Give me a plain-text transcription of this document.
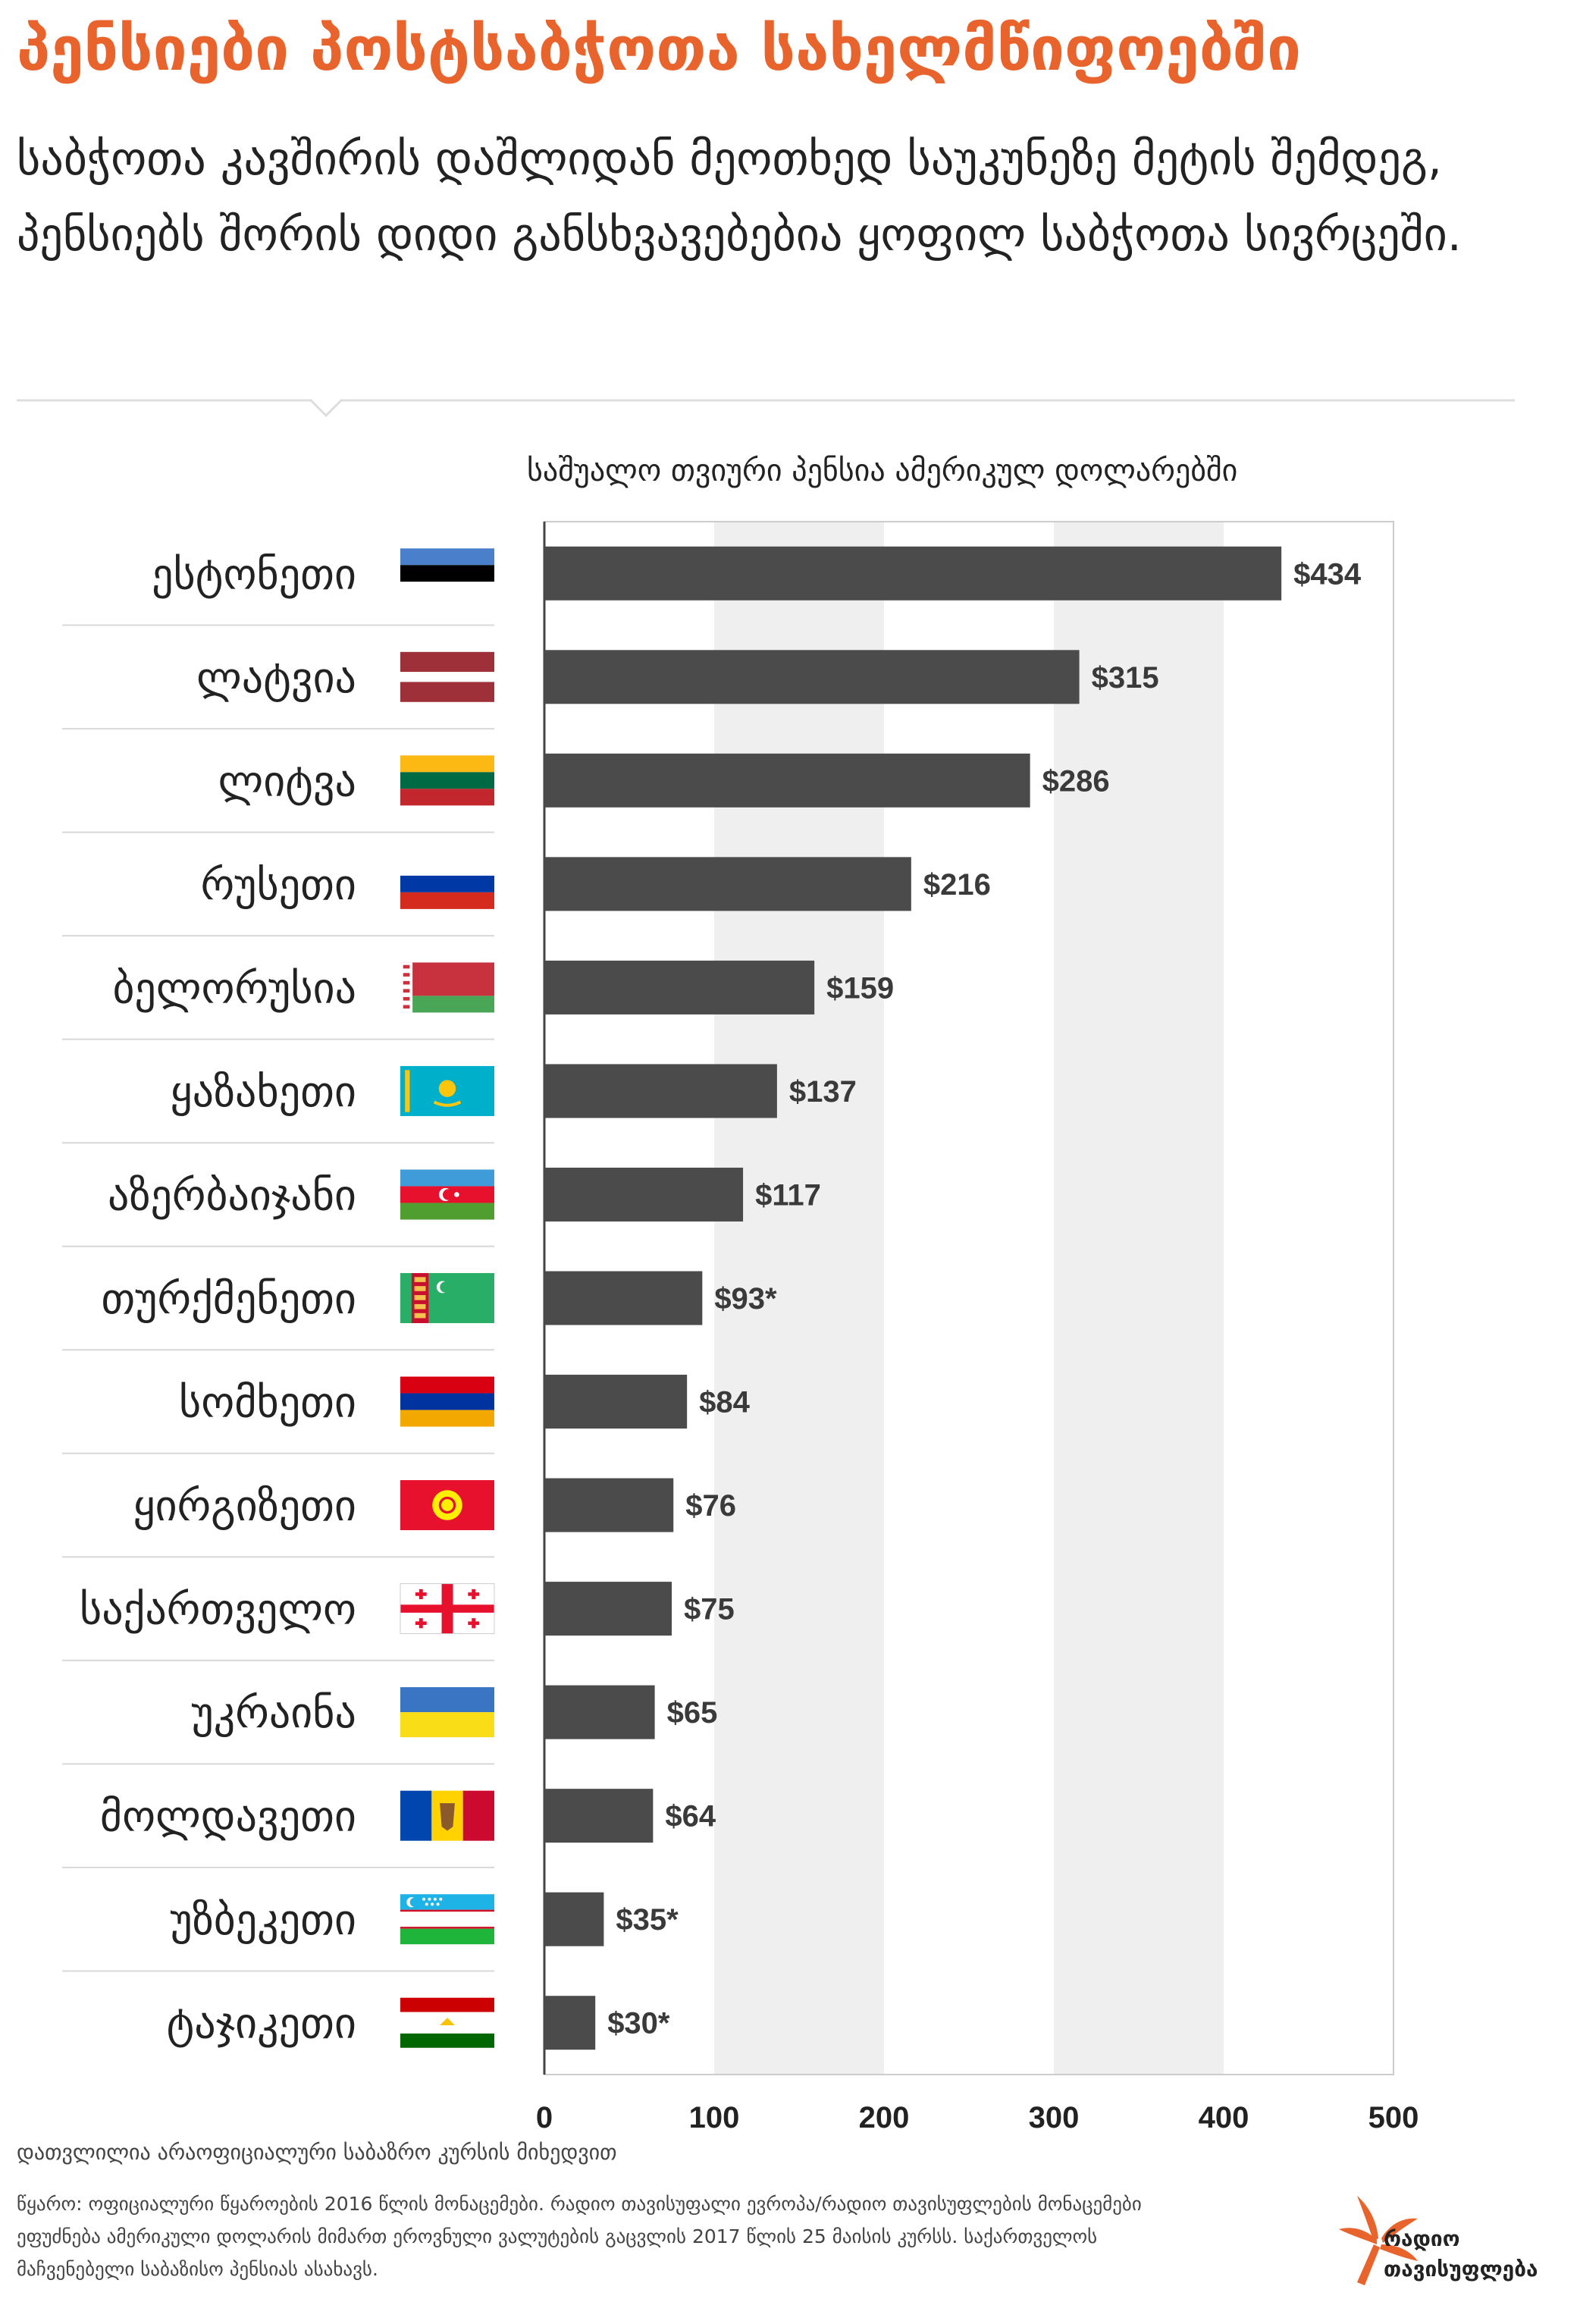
პენსიები პოსტსაბჭოთა სახელმწიფოებში
საბჭოთა კავშირის დაშლიდან მეოთხედ საუკუნეზე მეტის შემდეგ, პენსიებს შორის დიდი განსხვავებებია ყოფილ საბჭოთა სივრცეში.
საშუალო თვიური პენსია ამერიკულ დოლარებში
$434
ესტონეთი
$315
ლატვია
$286
ლიტვა
$216
რუსეთი
$159
ბელორუსია
$137
ყაზახეთი
$117
აზერბაიჯანი
$93*
თურქმენეთი
$84
სომხეთი
$76
ყირგიზეთი
$75
საქართველო
$65
უკრაინა
$64
მოლდავეთი
$35*
უზბეკეთი
$30*
ტაჯიკეთი
0	100	200	300	400	500
დათვლილია არაოფიციალური საბაზრო კურსის მიხედვით
წყარო: ოფიციალური წყაროების 2016 წლის მონაცემები. რადიო თავისუფალი ევროპა/რადიო თავისუფლების მონაცემები ეფუძნება ამერიკული დოლარის მიმართ ეროვნული ვალუტების გაცვლის 2017 წლის 25 მაისის კურსს. საქართველოს მაჩვენებელი საბაზისო პენსიას ასახავს.
რადიო
თავისუფლება
